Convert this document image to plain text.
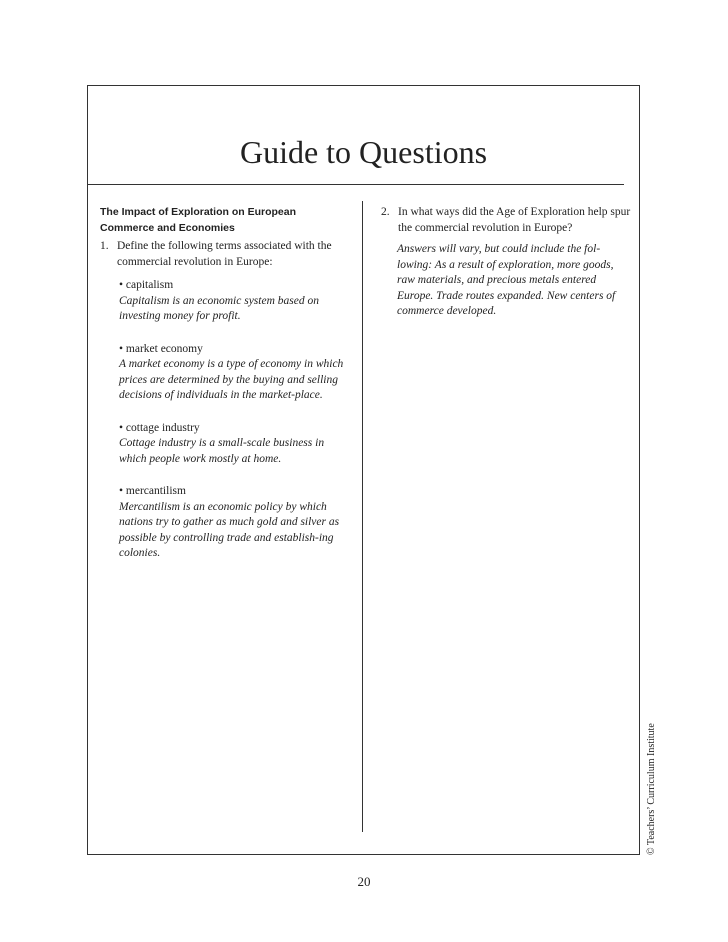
Guide to Questions

The Impact of Exploration on European Commerce and Economies

1. Define the following terms associated with the commercial revolution in Europe:

• capitalism

Capitalism is an economic system based on investing money for profit.

• market economy

A market economy is a type of economy in which prices are determined by the buying and selling decisions of individuals in the market-place.

• cottage industry

Cottage industry is a small-scale business in which people work mostly at home.

• mercantilism

Mercantilism is an economic policy by which nations try to gather as much gold and silver as possible by controlling trade and establish-ing colonies.

2. In what ways did the Age of Exploration help spur the commercial revolution in Europe?

Answers will vary, but could include the fol-lowing: As a result of exploration, more goods, raw materials, and precious metals entered Europe. Trade routes expanded. New centers of commerce developed.

© Teachers’ Curriculum Institute
20
